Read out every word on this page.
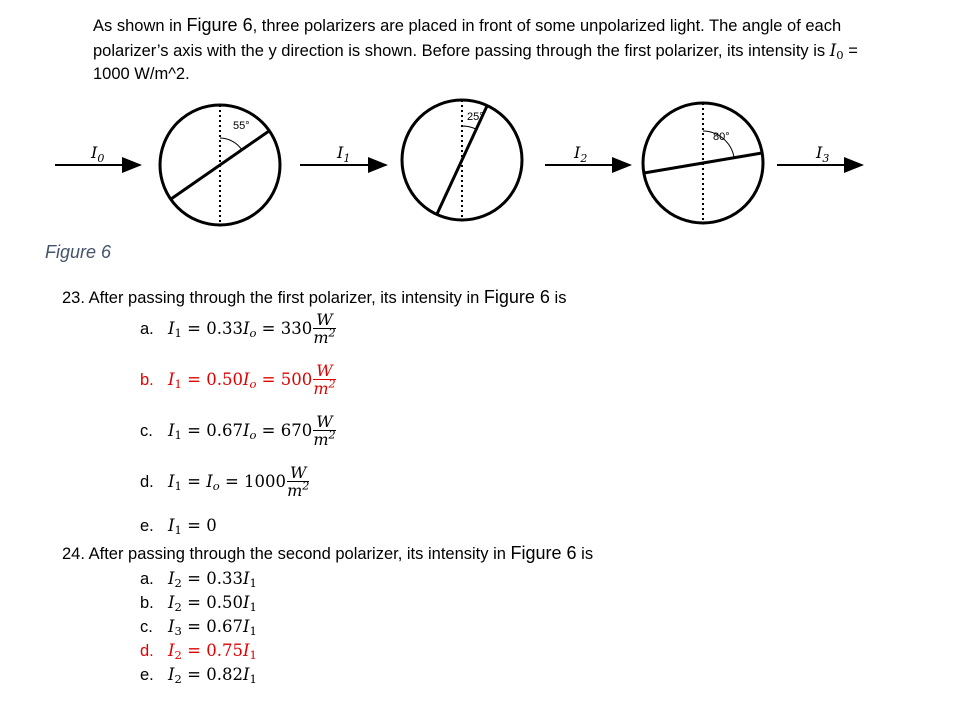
As shown in Figure 6, three polarizers are placed in front of some unpolarized light. The angle of each polarizer’s axis with the y direction is shown. Before passing through the first polarizer, its intensity is $I_0 = 1000$ W/m^2.
$I_0$	$I_1$	$I_2$	$I_3$
55°
25°
80°
Figure 6
23. After passing through the first polarizer, its intensity in Figure 6 is
a. $I_1 = 0.33I_o = 330 \frac{W}{m^2}$
b. $I_1 = 0.50I_o = 500 \frac{W}{m^2}$
c. $I_1 = 0.67I_o = 670 \frac{W}{m^2}$
d. $I_1 = I_o = 1000 \frac{W}{m^2}$
e. $I_1 = 0$
24. After passing through the second polarizer, its intensity in Figure 6 is
a. $I_2 = 0.33I_1$
b. $I_2 = 0.50I_1$
c. $I_3 = 0.67I_1$
d. $I_2 = 0.75I_1$
e. $I_2 = 0.82I_1$
